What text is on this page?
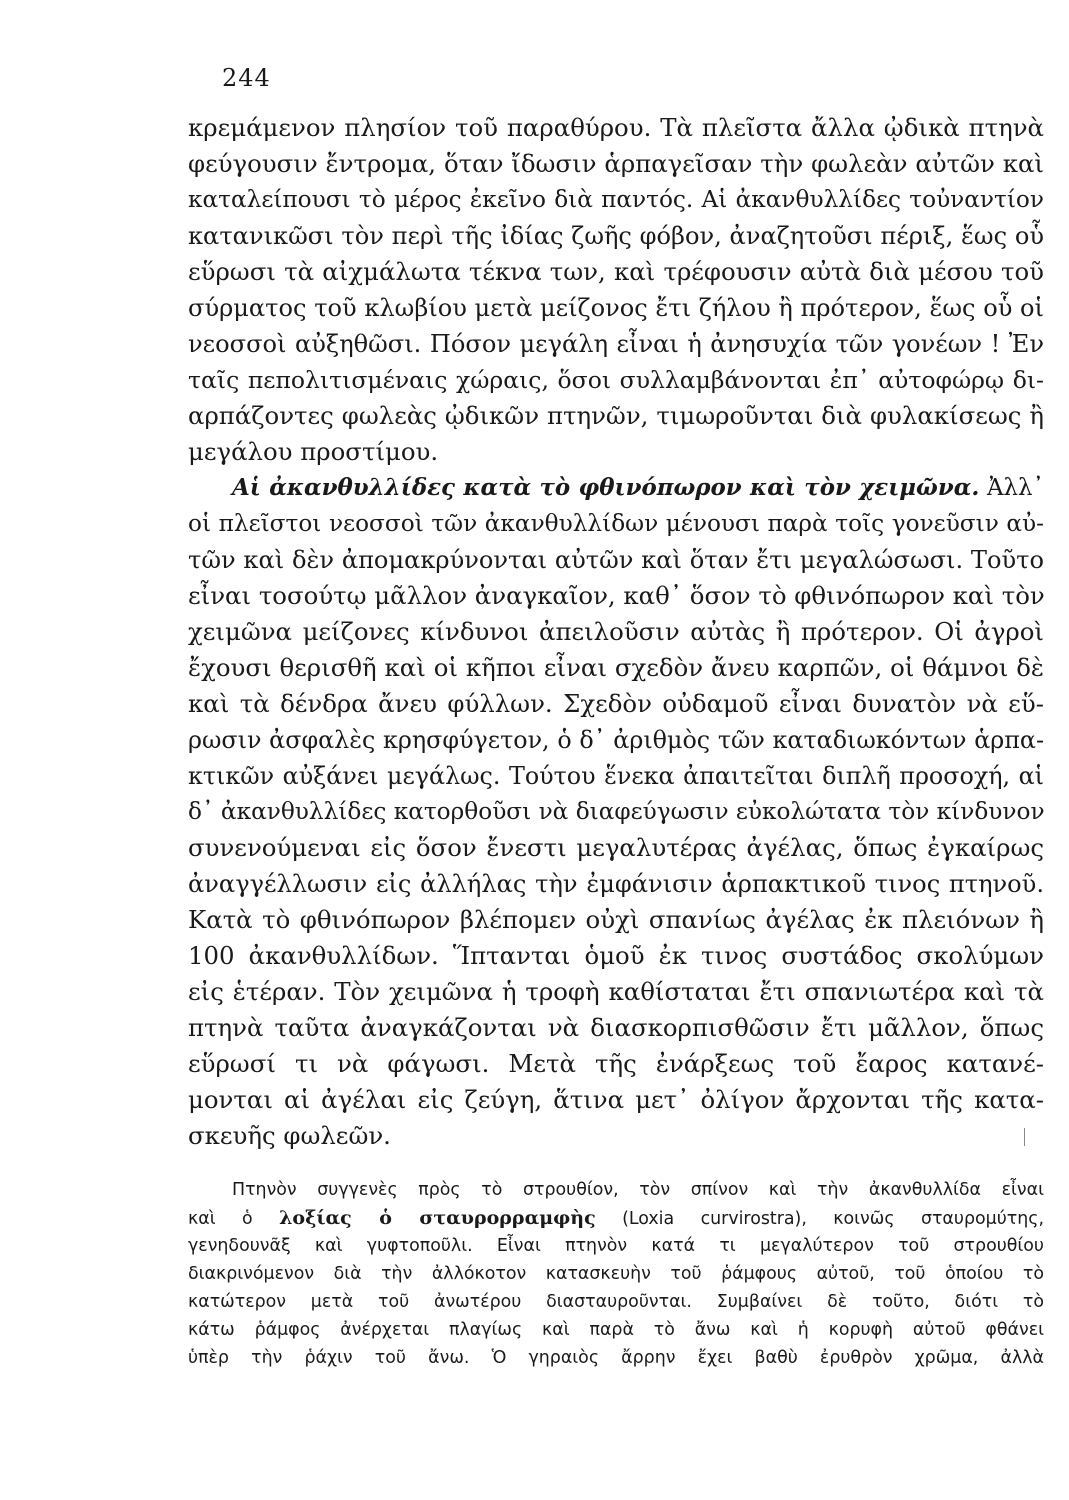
244
κρεμάμενον πλησίον τοῦ παραθύρου. Τὰ πλεῖστα ἄλλα ᾠδικὰ πτηνὰ
φεύγουσιν ἔντρομα, ὅταν ἴδωσιν ἁρπαγεῖσαν τὴν φωλεὰν αὐτῶν καὶ
καταλείπουσι τὸ μέρος ἐκεῖνο διὰ παντός. Αἱ ἀκανθυλλίδες τοὐναντίον
κατανικῶσι τὸν περὶ τῆς ἰδίας ζωῆς φόβον, ἀναζητοῦσι πέριξ, ἕως οὗ
εὕρωσι τὰ αἰχμάλωτα τέκνα των, καὶ τρέφουσιν αὐτὰ διὰ μέσου τοῦ
σύρματος τοῦ κλωβίου μετὰ μείζονος ἔτι ζήλου ἢ πρότερον, ἕως οὗ οἱ
νεοσσοὶ αὐξηθῶσι. Πόσον μεγάλη εἶναι ἡ ἀνησυχία τῶν γονέων ! Ἐν
ταῖς πεπολιτισμέναις χώραις, ὅσοι συλλαμβάνονται ἐπ᾿ αὐτοφώρῳ δι-
αρπάζοντες φωλεὰς ᾠδικῶν πτηνῶν, τιμωροῦνται διὰ φυλακίσεως ἢ
μεγάλου προστίμου.
Αἱ ἀκανθυλλίδες κατὰ τὸ φθινόπωρον καὶ τὸν χειμῶνα. Ἀλλ᾿
οἱ πλεῖστοι νεοσσοὶ τῶν ἀκανθυλλίδων μένουσι παρὰ τοῖς γονεῦσιν αὐ-
τῶν καὶ δὲν ἀπομακρύνονται αὐτῶν καὶ ὅταν ἔτι μεγαλώσωσι. Τοῦτο
εἶναι τοσούτῳ μᾶλλον ἀναγκαῖον, καθ᾿ ὅσον τὸ φθινόπωρον καὶ τὸν
χειμῶνα μείζονες κίνδυνοι ἀπειλοῦσιν αὐτὰς ἢ πρότερον. Οἱ ἀγροὶ
ἔχουσι θερισθῆ καὶ οἱ κῆποι εἶναι σχεδὸν ἄνευ καρπῶν, οἱ θάμνοι δὲ
καὶ τὰ δένδρα ἄνευ φύλλων. Σχεδὸν οὐδαμοῦ εἶναι δυνατὸν νὰ εὕ-
ρωσιν ἀσφαλὲς κρησφύγετον, ὁ δ᾿ ἀριθμὸς τῶν καταδιωκόντων ἁρπα-
κτικῶν αὐξάνει μεγάλως. Τούτου ἕνεκα ἀπαιτεῖται διπλῆ προσοχή, αἱ
δ᾿ ἀκανθυλλίδες κατορθοῦσι νὰ διαφεύγωσιν εὐκολώτατα τὸν κίνδυνον
συνενούμεναι εἰς ὅσον ἔνεστι μεγαλυτέρας ἀγέλας, ὅπως ἐγκαίρως
ἀναγγέλλωσιν εἰς ἀλλήλας τὴν ἐμφάνισιν ἁρπακτικοῦ τινος πτηνοῦ.
Κατὰ τὸ φθινόπωρον βλέπομεν οὐχὶ σπανίως ἀγέλας ἐκ πλειόνων ἢ
100 ἀκανθυλλίδων. Ἵπτανται ὁμοῦ ἐκ τινος συστάδος σκολύμων
εἰς ἑτέραν. Τὸν χειμῶνα ἡ τροφὴ καθίσταται ἔτι σπανιωτέρα καὶ τὰ
πτηνὰ ταῦτα ἀναγκάζονται νὰ διασκορπισθῶσιν ἔτι μᾶλλον, ὅπως
εὕρωσί τι νὰ φάγωσι. Μετὰ τῆς ἐνάρξεως τοῦ ἔαρος κατανέ-
μονται αἱ ἀγέλαι εἰς ζεύγη, ἅτινα μετ᾿ ὀλίγον ἄρχονται τῆς κατα-
σκευῆς φωλεῶν.
Πτηνὸν συγγενὲς πρὸς τὸ στρουθίον, τὸν σπίνον καὶ τὴν ἀκανθυλλίδα εἶναι
καὶ ὁ λοξίας ὁ σταυρορραμφὴς (Loxia curvirostra), κοινῶς σταυρομύτης,
γενηδουνᾶξ καὶ γυφτοποῦλι. Εἶναι πτηνὸν κατά τι μεγαλύτερον τοῦ στρουθίου
διακρινόμενον διὰ τὴν ἀλλόκοτον κατασκευὴν τοῦ ῥάμφους αὐτοῦ, τοῦ ὁποίου τὸ
κατώτερον μετὰ τοῦ ἀνωτέρου διασταυροῦνται. Συμβαίνει δὲ τοῦτο, διότι τὸ
κάτω ῥάμφος ἀνέρχεται πλαγίως καὶ παρὰ τὸ ἄνω καὶ ἡ κορυφὴ αὐτοῦ φθάνει
ὑπὲρ τὴν ῥάχιν τοῦ ἄνω. Ὁ γηραιὸς ἄρρην ἔχει βαθὺ ἐρυθρὸν χρῶμα, ἀλλὰ
